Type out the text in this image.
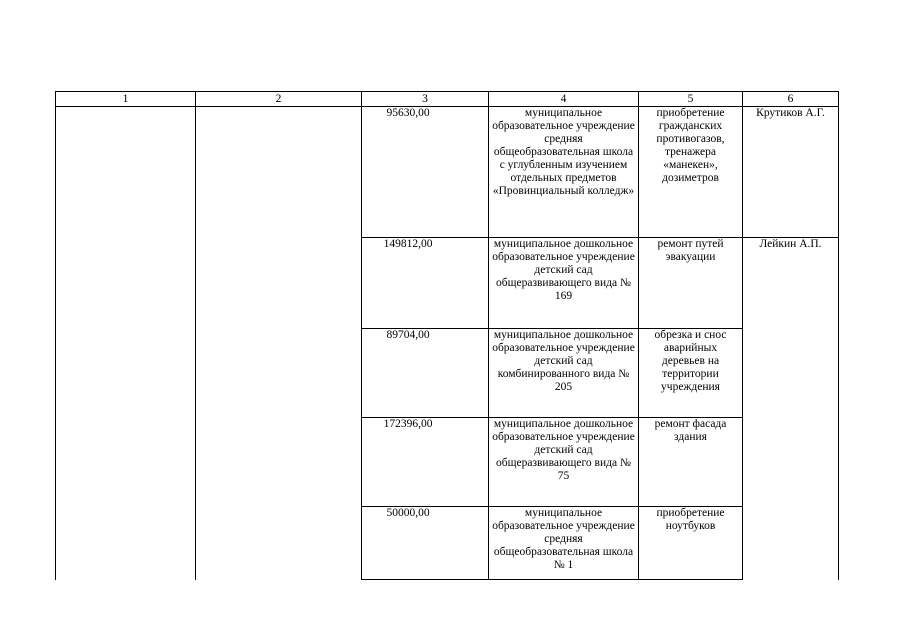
1	2	3	4	5	6
		95630,00	муниципальное образовательное учреждение средняя общеобразовательная школа с углубленным изучением отдельных предметов «Провинциальный колледж»	приобретение гражданских противогазов, тренажера «манекен», дозиметров	Крутиков А.Г.
		149812,00	муниципальное дошкольное образовательное учреждение детский сад общеразвивающего вида № 169	ремонт путей эвакуации	Лейкин А.П.
		89704,00	муниципальное дошкольное образовательное учреждение детский сад комбинированного вида № 205	обрезка и снос аварийных деревьев на территории учреждения	
		172396,00	муниципальное дошкольное образовательное учреждение детский сад общеразвивающего вида № 75	ремонт фасада здания	
		50000,00	муниципальное образовательное учреждение средняя общеобразовательная школа № 1	приобретение ноутбуков	
